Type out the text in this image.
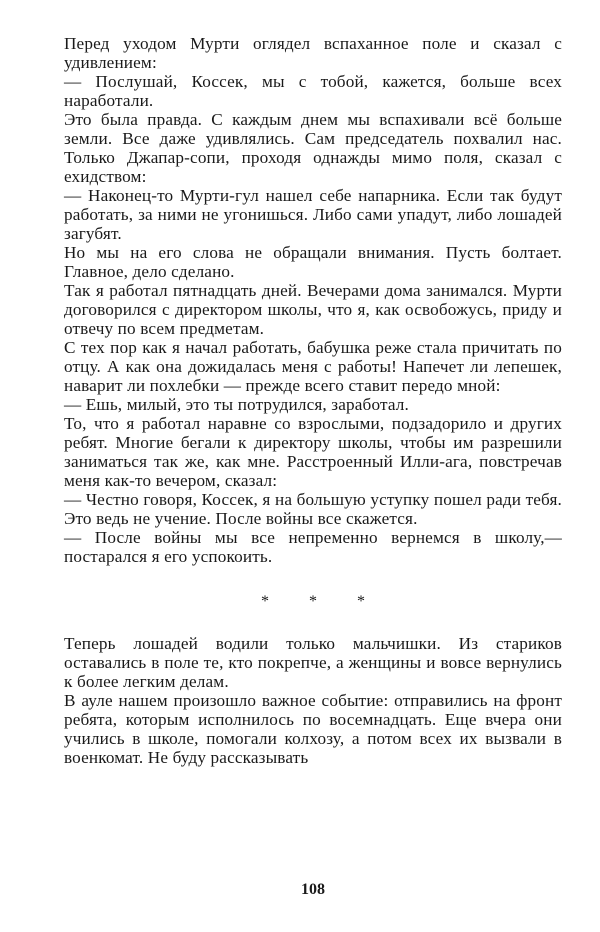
Перед уходом Мурти оглядел вспаханное поле и сказал с удивлением:

— Послушай, Коссек, мы с тобой, кажется, больше всех наработали.

Это была правда. С каждым днем мы вспахивали всё больше земли. Все даже удивлялись. Сам председатель похвалил нас. Только Джапар-сопи, проходя однажды мимо поля, сказал с ехидством:

— Наконец-то Мурти-гул нашел себе напарника. Если так будут работать, за ними не угонишься. Либо сами упадут, либо лошадей загубят.

Но мы на его слова не обращали внимания. Пусть болтает. Главное, дело сделано.

Так я работал пятнадцать дней. Вечерами дома занимался. Мурти договорился с директором школы, что я, как освобожусь, приду и отвечу по всем предметам.

С тех пор как я начал работать, бабушка реже стала причитать по отцу. А как она дожидалась меня с работы! Напечет ли лепешек, наварит ли похлебки — прежде всего ставит передо мной:

— Ешь, милый, это ты потрудился, заработал.

То, что я работал наравне со взрослыми, подзадорило и других ребят. Многие бегали к директору школы, чтобы им разрешили заниматься так же, как мне. Расстроенный Илли-ага, повстречав меня как-то вечером, сказал:

— Честно говоря, Коссек, я на большую уступку пошел ради тебя. Это ведь не учение. После войны все скажется.

— После войны мы все непременно вернемся в школу,— постарался я его успокоить.

* * *

Теперь лошадей водили только мальчишки. Из стариков оставались в поле те, кто покрепче, а женщины и вовсе вернулись к более легким делам.

В ауле нашем произошло важное событие: отправились на фронт ребята, которым исполнилось по восемнадцать. Еще вчера они учились в школе, помогали колхозу, а потом всех их вызвали в военкомат. Не буду рассказывать

108
